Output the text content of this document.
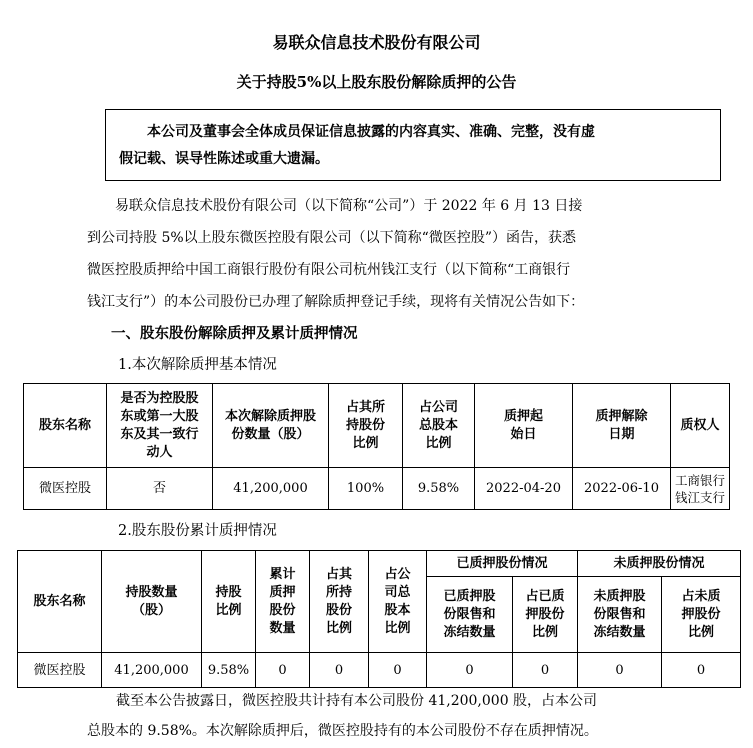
易联众信息技术股份有限公司
关于持股5%以上股东股份解除质押的公告
本公司及董事会全体成员保证信息披露的内容真实、准确、完整，没有虚
假记载、误导性陈述或重大遗漏。
易联众信息技术股份有限公司（以下简称“公司”）于 2022 年 6 月 13 日接
到公司持股 5%以上股东微医控股有限公司（以下简称“微医控股”）函告，获悉
微医控股质押给中国工商银行股份有限公司杭州钱江支行（以下简称“工商银行
钱江支行”）的本公司股份已办理了解除质押登记手续，现将有关情况公告如下：
一、股东股份解除质押及累计质押情况
1.本次解除质押基本情况
股东名称	是否为控股股东或第一大股东及其一致行动人	本次解除质押股份数量（股）	占其所持股份比例	占公司总股本比例	质押起始日	质押解除日期	质权人
微医控股	否	41,200,000	100%	9.58%	2022-04-20	2022-06-10	工商银行钱江支行
2.股东股份累计质押情况
股东名称	持股数量（股）	持股比例	累计质押股份数量	占其所持股份比例	占公司总股本比例	已质押股份情况		未质押股份情况	

						已质押股份限售和冻结数量	占已质押股份比例	未质押股份限售和冻结数量	占未质押股份比例

微医控股	41,200,000	9.58%	0	0	0	0	0	0	0
截至本公告披露日，微医控股共计持有本公司股份 41,200,000 股，占本公司
总股本的 9.58%。本次解除质押后，微医控股持有的本公司股份不存在质押情况。
